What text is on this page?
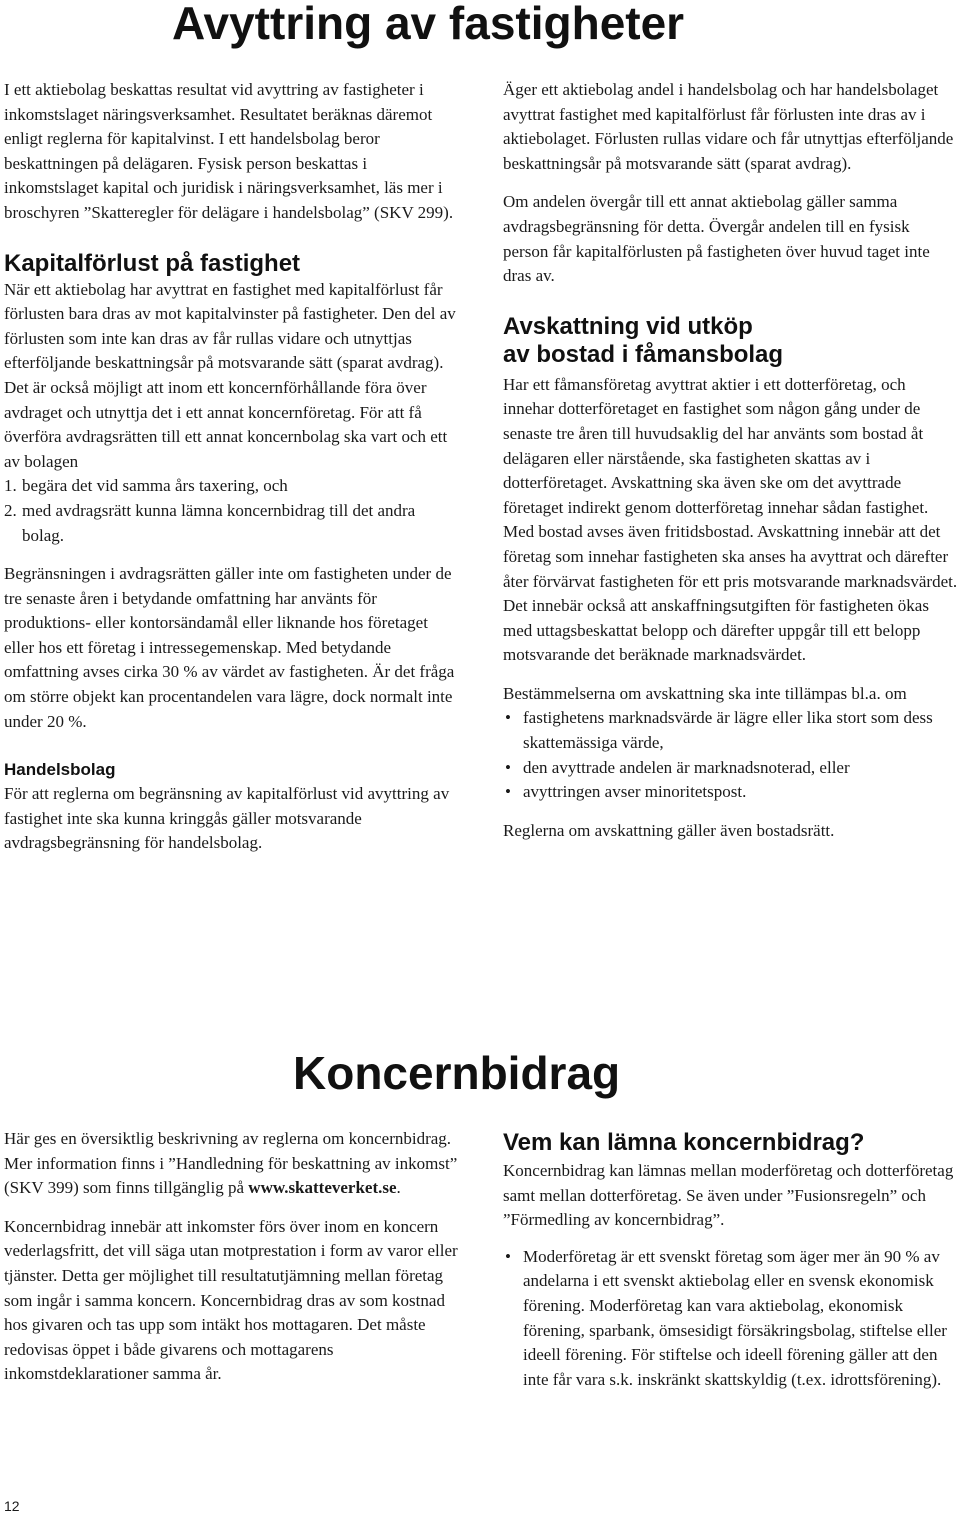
Avyttring av fastigheter

I ett aktiebolag beskattas resultat vid avyttring av fastigheter i inkomstslaget näringsverksamhet. Resultatet beräknas däremot enligt reglerna för kapitalvinst. I ett handelsbolag beror beskattningen på delägaren. Fysisk person beskattas i inkomstslaget kapital och juridisk i näringsverksamhet, läs mer i broschyren ”Skatteregler för delägare i handelsbolag” (SKV 299).

Kapitalförlust på fastighet

När ett aktiebolag har avyttrat en fastighet med kapitalförlust får förlusten bara dras av mot kapitalvinster på fastigheter. Den del av förlusten som inte kan dras av får rullas vidare och utnyttjas efterföljande beskattningsår på motsvarande sätt (sparat avdrag). Det är också möjligt att inom ett koncernförhållande föra över avdraget och utnyttja det i ett annat koncernföretag. För att få överföra avdragsrätten till ett annat koncernbolag ska vart och ett av bolagen

1. begära det vid samma års taxering, och
2. med avdragsrätt kunna lämna koncernbidrag till det andra bolag.

Begränsningen i avdragsrätten gäller inte om fastigheten under de tre senaste åren i betydande omfattning har använts för produktions- eller kontorsändamål eller liknande hos företaget eller hos ett företag i intressegemenskap. Med betydande omfattning avses cirka 30 % av värdet av fastigheten. Är det fråga om större objekt kan procentandelen vara lägre, dock normalt inte under 20 %.

Handelsbolag

För att reglerna om begränsning av kapitalförlust vid avyttring av fastighet inte ska kunna kringgås gäller motsvarande avdragsbegränsning för handelsbolag.

Äger ett aktiebolag andel i handelsbolag och har handelsbolaget avyttrat fastighet med kapitalförlust får förlusten inte dras av i aktiebolaget. Förlusten rullas vidare och får utnyttjas efterföljande beskattningsår på motsvarande sätt (sparat avdrag).

Om andelen övergår till ett annat aktiebolag gäller samma avdragsbegränsning för detta. Övergår andelen till en fysisk person får kapitalförlusten på fastigheten över huvud taget inte dras av.

Avskattning vid utköp
av bostad i fåmansbolag

Har ett fåmansföretag avyttrat aktier i ett dotterföretag, och innehar dotterföretaget en fastighet som någon gång under de senaste tre åren till huvudsaklig del har använts som bostad åt delägaren eller närstående, ska fastigheten skattas av i dotterföretaget. Avskattning ska även ske om det avyttrade företaget indirekt genom dotterföretag innehar sådan fastighet. Med bostad avses även fritidsbostad. Avskattning innebär att det företag som innehar fastigheten ska anses ha avyttrat och därefter åter förvärvat fastigheten för ett pris motsvarande marknadsvärdet. Det innebär också att anskaffningsutgiften för fastigheten ökas med uttagsbeskattat belopp och därefter uppgår till ett belopp motsvarande det beräknade marknadsvärdet.

Bestämmelserna om avskattning ska inte tillämpas bl.a. om

• fastighetens marknadsvärde är lägre eller lika stort som dess skattemässiga värde,
• den avyttrade andelen är marknadsnoterad, eller
• avyttringen avser minoritetspost.

Reglerna om avskattning gäller även bostadsrätt.

Koncernbidrag

Här ges en översiktlig beskrivning av reglerna om koncernbidrag. Mer information finns i ”Handledning för beskattning av inkomst” (SKV 399) som finns tillgänglig på www.skatteverket.se.

Koncernbidrag innebär att inkomster förs över inom en koncern vederlagsfritt, det vill säga utan motprestation i form av varor eller tjänster. Detta ger möjlighet till resultatutjämning mellan företag som ingår i samma koncern. Koncernbidrag dras av som kostnad hos givaren och tas upp som intäkt hos mottagaren. Det måste redovisas öppet i både givarens och mottagarens inkomstdeklarationer samma år.

Vem kan lämna koncernbidrag?

Koncernbidrag kan lämnas mellan moderföretag och dotterföretag samt mellan dotterföretag. Se även under ”Fusionsregeln” och ”Förmedling av koncernbidrag”.

• Moderföretag är ett svenskt företag som äger mer än 90 % av andelarna i ett svenskt aktiebolag eller en svensk ekonomisk förening. Moderföretag kan vara aktiebolag, ekonomisk förening, sparbank, ömsesidigt försäkringsbolag, stiftelse eller ideell förening. För stiftelse och ideell förening gäller att den inte får vara s.k. inskränkt skattskyldig (t.ex. idrottsförening).
12
